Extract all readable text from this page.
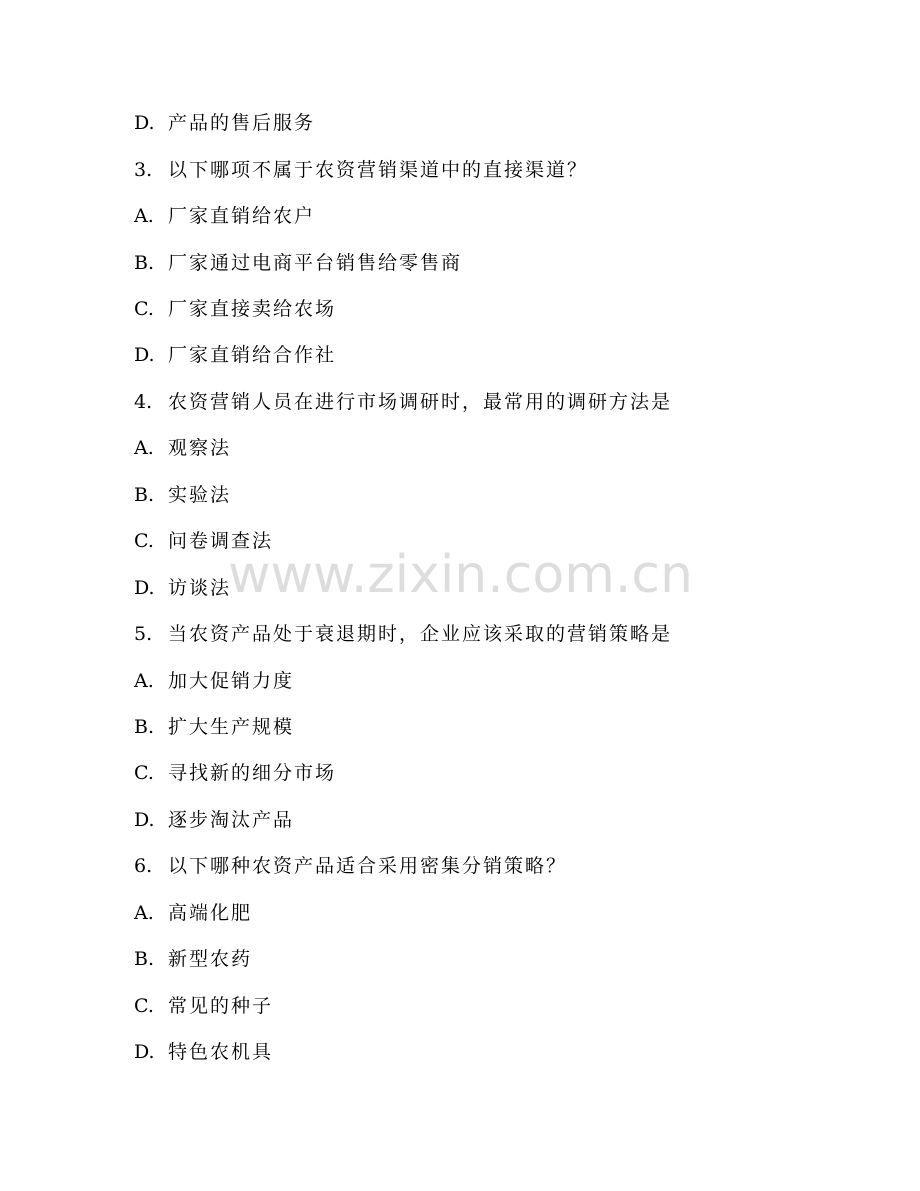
D. 产品的售后服务
3. 以下哪项不属于农资营销渠道中的直接渠道？
A. 厂家直销给农户
B. 厂家通过电商平台销售给零售商
C. 厂家直接卖给农场
D. 厂家直销给合作社
4. 农资营销人员在进行市场调研时，最常用的调研方法是
A. 观察法
B. 实验法
C. 问卷调查法
D. 访谈法
5. 当农资产品处于衰退期时，企业应该采取的营销策略是
A. 加大促销力度
B. 扩大生产规模
C. 寻找新的细分市场
D. 逐步淘汰产品
6. 以下哪种农资产品适合采用密集分销策略？
A. 高端化肥
B. 新型农药
C. 常见的种子
D. 特色农机具
www.zixin.com.cn
